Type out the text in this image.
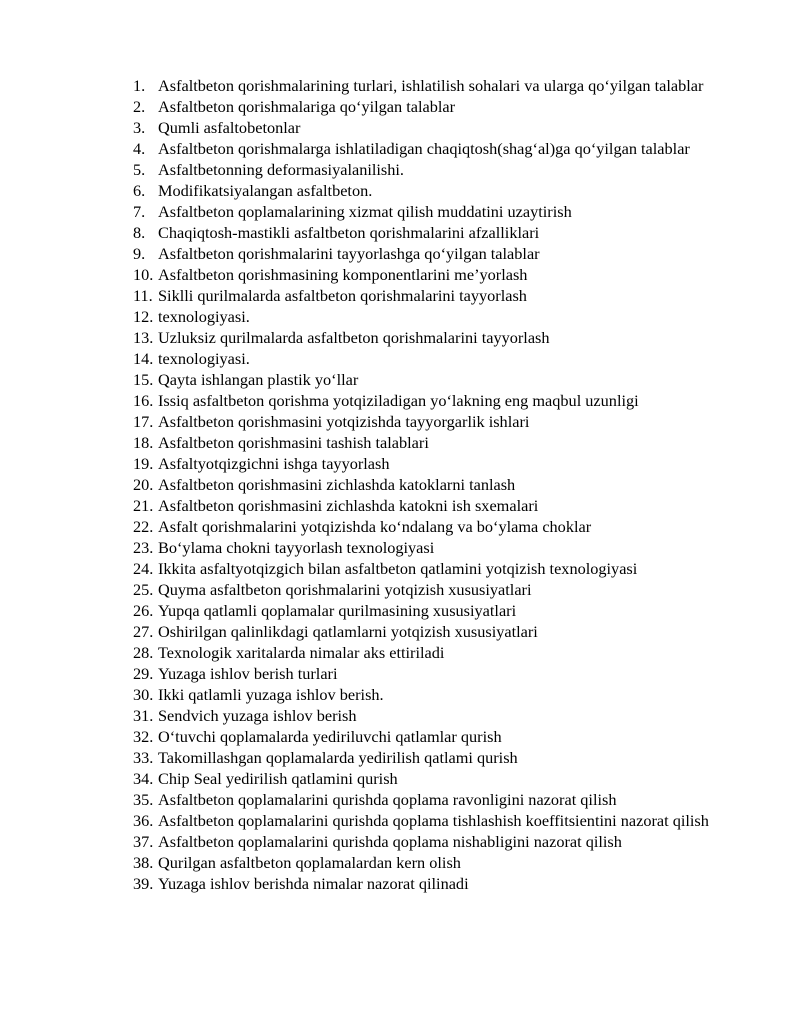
1. Asfaltbeton qorishmalarining turlari, ishlatilish sohalari va ularga qo‘yilgan talablar
2. Asfaltbeton qorishmalariga qo‘yilgan talablar
3. Qumli asfaltobetonlar
4. Asfaltbeton qorishmalarga ishlatiladigan chaqiqtosh(shag‘al)ga qo‘yilgan talablar
5. Asfaltbetonning deformasiyalanilishi.
6. Modifikatsiyalangan asfaltbeton.
7. Asfaltbeton qoplamalarining xizmat qilish muddatini uzaytirish
8. Chaqiqtosh-mastikli asfaltbeton qorishmalarini afzalliklari
9. Asfaltbeton qorishmalarini tayyorlashga qo‘yilgan talablar
10. Asfaltbeton qorishmasining komponentlarini me’yorlash
11. Siklli qurilmalarda asfaltbeton qorishmalarini tayyorlash
12. texnologiyasi.
13. Uzluksiz qurilmalarda asfaltbeton qorishmalarini tayyorlash
14. texnologiyasi.
15. Qayta ishlangan plastik yo‘llar
16. Issiq asfaltbeton qorishma yotqiziladigan yo‘lakning eng maqbul uzunligi
17. Asfaltbeton qorishmasini yotqizishda tayyorgarlik ishlari
18. Asfaltbeton qorishmasini tashish talablari
19. Asfaltyotqizgichni ishga tayyorlash
20. Asfaltbeton qorishmasini zichlashda katoklarni tanlash
21. Asfaltbeton qorishmasini zichlashda katokni ish sxemalari
22. Asfalt qorishmalarini yotqizishda ko‘ndalang va bo‘ylama choklar
23. Bo‘ylama chokni tayyorlash texnologiyasi
24. Ikkita asfaltyotqizgich bilan asfaltbeton qatlamini yotqizish texnologiyasi
25. Quyma asfaltbeton qorishmalarini yotqizish xususiyatlari
26. Yupqa qatlamli qoplamalar qurilmasining xususiyatlari
27. Oshirilgan qalinlikdagi qatlamlarni yotqizish xususiyatlari
28. Texnologik xaritalarda nimalar aks ettiriladi
29. Yuzaga ishlov berish turlari
30. Ikki qatlamli yuzaga ishlov berish.
31. Sendvich yuzaga ishlov berish
32. O‘tuvchi qoplamalarda yediriluvchi qatlamlar qurish
33. Takomillashgan qoplamalarda yedirilish qatlami qurish
34. Chip Seal yedirilish qatlamini qurish
35. Asfaltbeton qoplamalarini qurishda qoplama ravonligini nazorat qilish
36. Asfaltbeton qoplamalarini qurishda qoplama tishlashish koeffitsientini nazorat qilish
37. Asfaltbeton qoplamalarini qurishda qoplama nishabligini nazorat qilish
38. Qurilgan asfaltbeton qoplamalardan kern olish
39. Yuzaga ishlov berishda nimalar nazorat qilinadi
